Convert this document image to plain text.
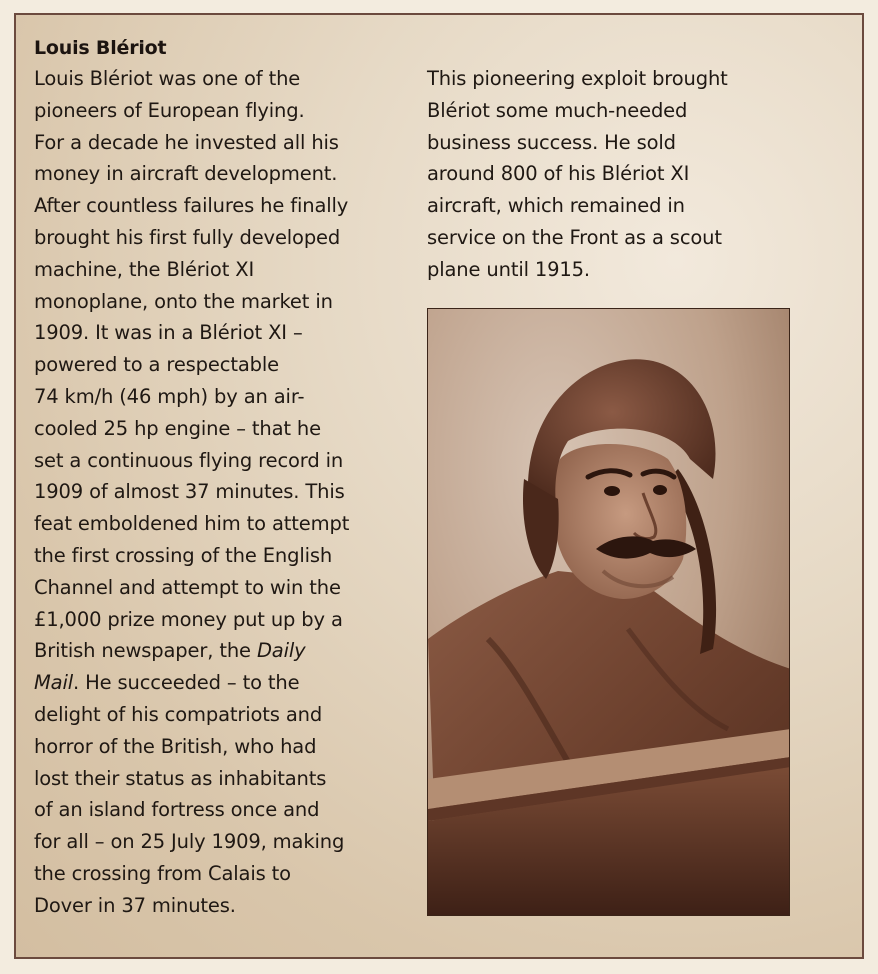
Louis Blériot
Louis Blériot was one of the
pioneers of European flying.
For a decade he invested all his
money in aircraft development.
After countless failures he finally
brought his first fully developed
machine, the Blériot XI
monoplane, onto the market in
1909. It was in a Blériot XI –
powered to a respectable
74 km/h (46 mph) by an air-
cooled 25 hp engine – that he
set a continuous flying record in
1909 of almost 37 minutes. This
feat emboldened him to attempt
the first crossing of the English
Channel and attempt to win the
£1,000 prize money put up by a
British newspaper, the Daily
Mail. He succeeded – to the
delight of his compatriots and
horror of the British, who had
lost their status as inhabitants
of an island fortress once and
for all – on 25 July 1909, making
the crossing from Calais to
Dover in 37 minutes.
This pioneering exploit brought
Blériot some much-needed
business success. He sold
around 800 of his Blériot XI
aircraft, which remained in
service on the Front as a scout
plane until 1915.
